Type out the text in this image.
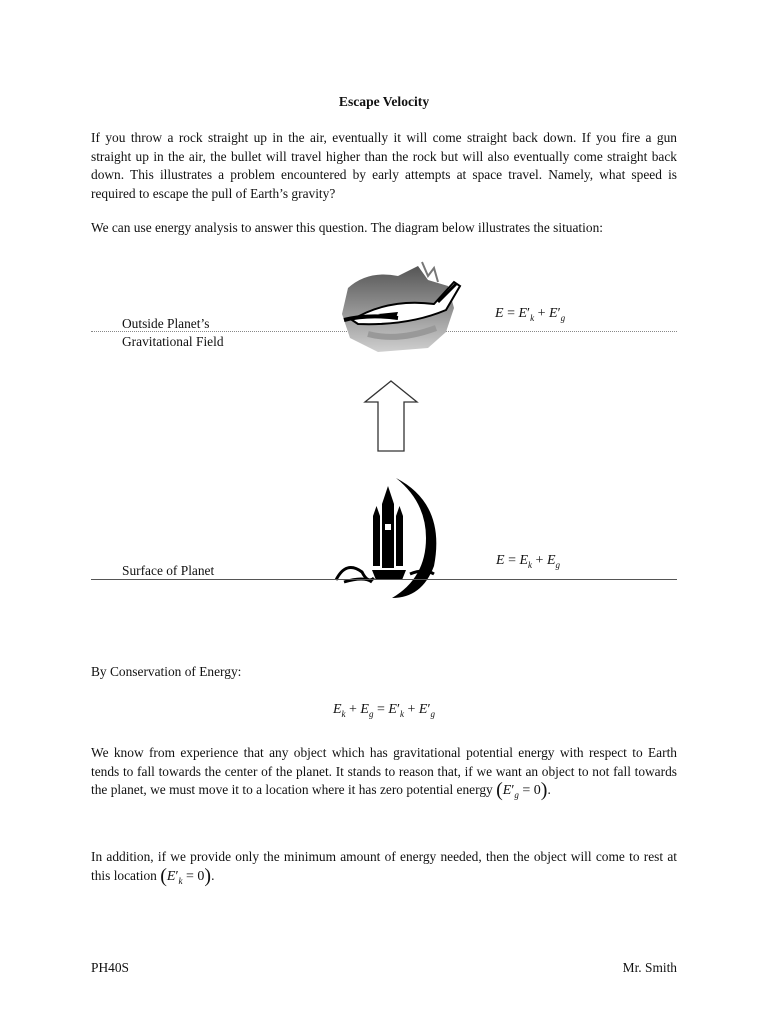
Escape Velocity
If you throw a rock straight up in the air, eventually it will come straight back down. If you fire a gun straight up in the air, the bullet will travel higher than the rock but will also eventually come straight back down. This illustrates a problem encountered by early attempts at space travel. Namely, what speed is required to escape the pull of Earth’s gravity?
We can use energy analysis to answer this question. The diagram below illustrates the situation:
Outside Planet’s
Gravitational Field
$E = E'_k + E'_g$
Surface of Planet
$E = E_k + E_g$
By Conservation of Energy:
$E_k + E_g = E'_k + E'_g$
We know from experience that any object which has gravitational potential energy with respect to Earth tends to fall towards the center of the planet. It stands to reason that, if we want an object to not fall towards the planet, we must move it to a location where it has zero potential energy $(E'_g = 0)$.
In addition, if we provide only the minimum amount of energy needed, then the object will come to rest at this location $(E'_k = 0)$.
PH40S	Mr. Smith
